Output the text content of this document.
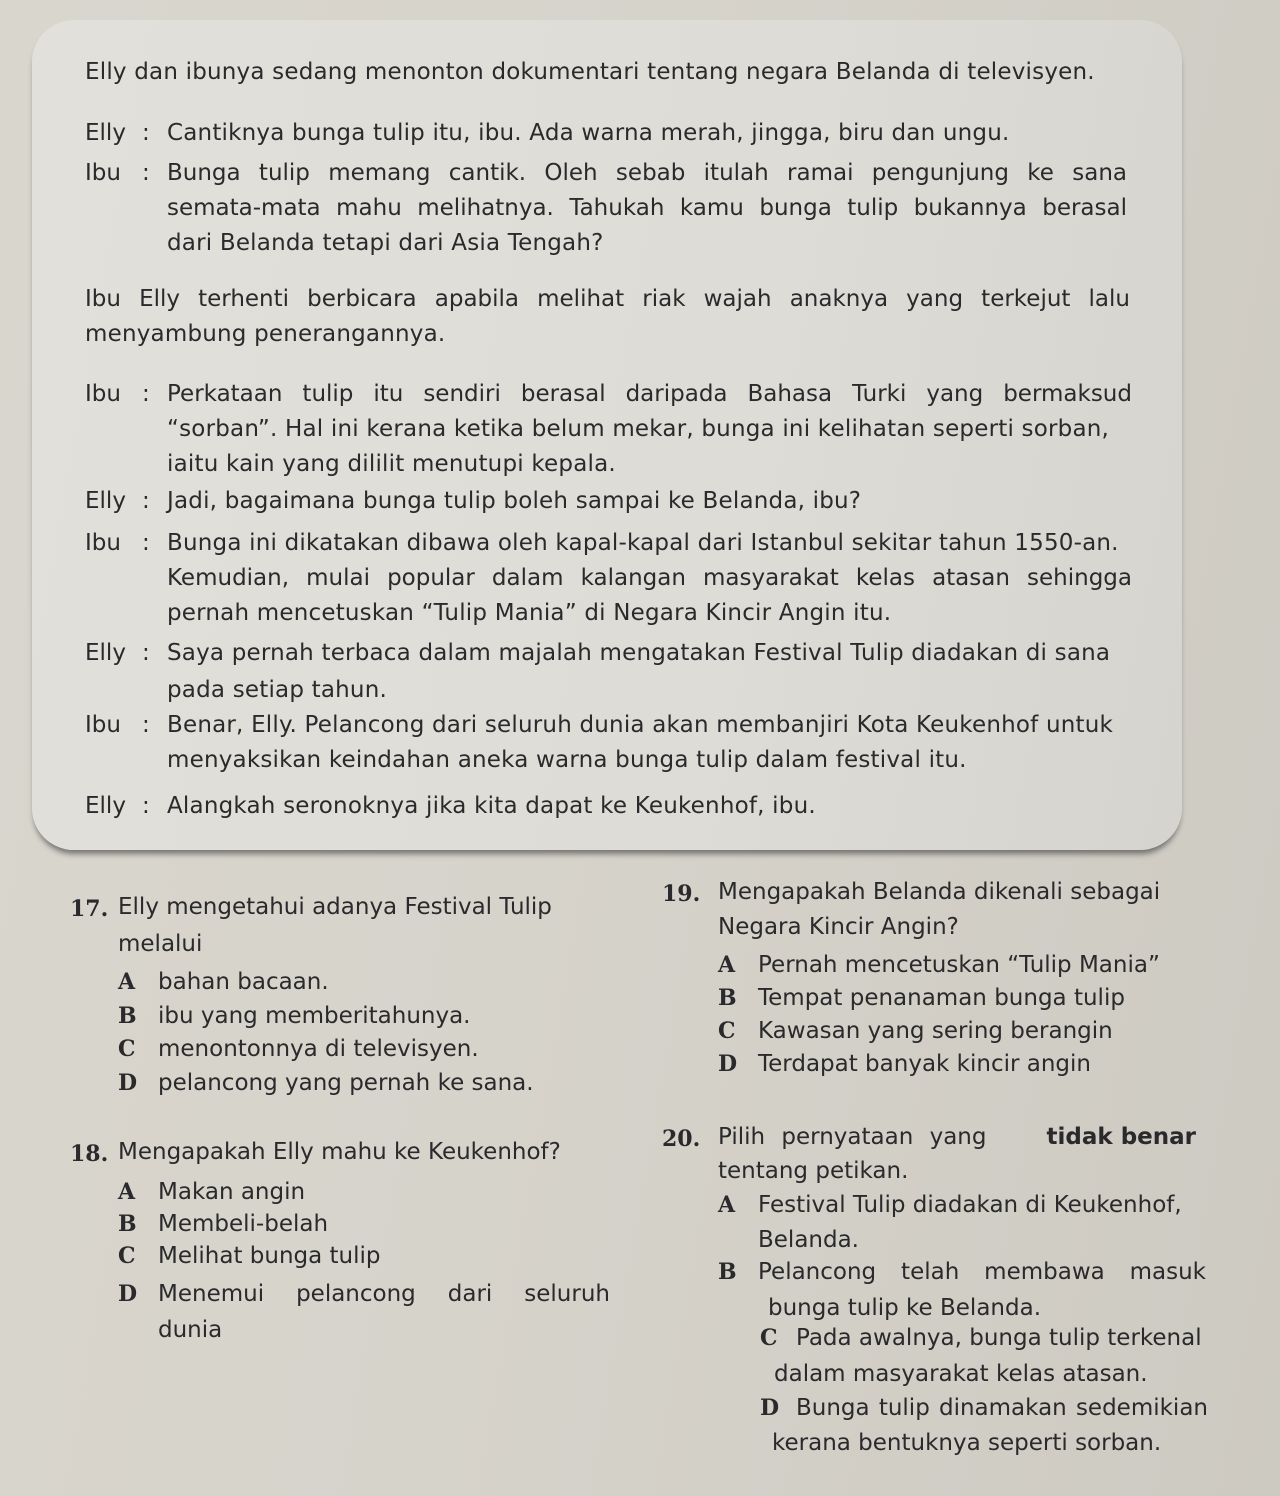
Elly dan ibunya sedang menonton dokumentari tentang negara Belanda di televisyen.
Elly : Cantiknya bunga tulip itu, ibu. Ada warna merah, jingga, biru dan ungu.
Ibu : Bunga tulip memang cantik. Oleh sebab itulah ramai pengunjung ke sana
semata-mata mahu melihatnya. Tahukah kamu bunga tulip bukannya berasal
dari Belanda tetapi dari Asia Tengah?
Ibu Elly terhenti berbicara apabila melihat riak wajah anaknya yang terkejut lalu
menyambung penerangannya.
Ibu : Perkataan tulip itu sendiri berasal daripada Bahasa Turki yang bermaksud
“sorban”. Hal ini kerana ketika belum mekar, bunga ini kelihatan seperti sorban,
iaitu kain yang dililit menutupi kepala.
Elly : Jadi, bagaimana bunga tulip boleh sampai ke Belanda, ibu?
Ibu : Bunga ini dikatakan dibawa oleh kapal-kapal dari Istanbul sekitar tahun 1550-an.
Kemudian, mulai popular dalam kalangan masyarakat kelas atasan sehingga
pernah mencetuskan “Tulip Mania” di Negara Kincir Angin itu.
Elly : Saya pernah terbaca dalam majalah mengatakan Festival Tulip diadakan di sana
pada setiap tahun.
Ibu : Benar, Elly. Pelancong dari seluruh dunia akan membanjiri Kota Keukenhof untuk
menyaksikan keindahan aneka warna bunga tulip dalam festival itu.
Elly : Alangkah seronoknya jika kita dapat ke Keukenhof, ibu.
17. Elly mengetahui adanya Festival Tulip
melalui
A bahan bacaan.
B ibu yang memberitahunya.
C menontonnya di televisyen.
D pelancong yang pernah ke sana.
18. Mengapakah Elly mahu ke Keukenhof?
A Makan angin
B Membeli-belah
C Melihat bunga tulip
D Menemui pelancong dari seluruh
dunia
19. Mengapakah Belanda dikenali sebagai
Negara Kincir Angin?
A Pernah mencetuskan “Tulip Mania”
B Tempat penanaman bunga tulip
C Kawasan yang sering berangin
D Terdapat banyak kincir angin
20. Pilih pernyataan yang	tidak benar
tentang petikan.
A Festival Tulip diadakan di Keukenhof,
Belanda.
B Pelancong telah membawa masuk
bunga tulip ke Belanda.
C Pada awalnya, bunga tulip terkenal
dalam masyarakat kelas atasan.
D Bunga tulip dinamakan sedemikian
kerana bentuknya seperti sorban.
